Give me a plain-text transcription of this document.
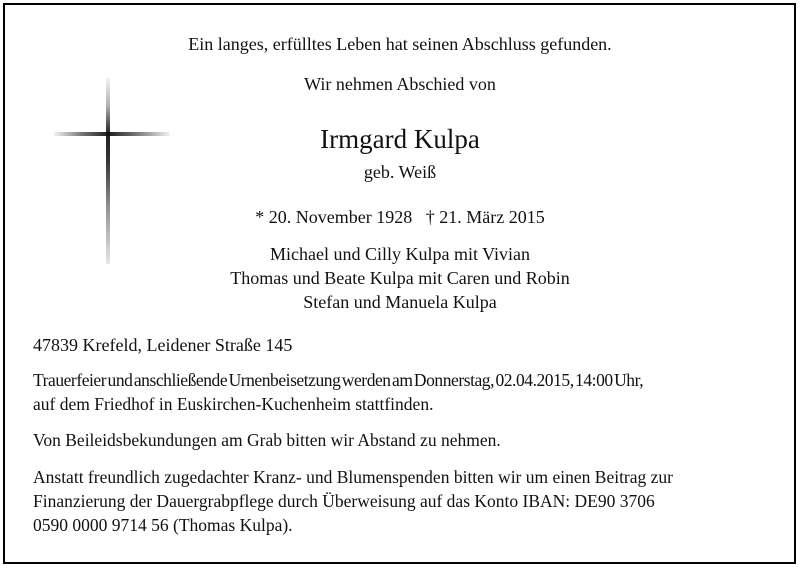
Ein langes, erfülltes Leben hat seinen Abschluss gefunden.
Wir nehmen Abschied von
Irmgard Kulpa
geb. Weiß
* 20. November 1928   † 21. März 2015
Michael und Cilly Kulpa mit Vivian
Thomas und Beate Kulpa mit Caren und Robin
Stefan und Manuela Kulpa
47839 Krefeld, Leidener Straße 145
Trauerfeier und anschließende Urnenbeisetzung werden am Donnerstag, 02.04.2015, 14:00 Uhr,
auf dem Friedhof in Euskirchen-Kuchenheim stattfinden.
Von Beileidsbekundungen am Grab bitten wir Abstand zu nehmen.
Anstatt freundlich zugedachter Kranz- und Blumenspenden bitten wir um einen Beitrag zur
Finanzierung der Dauergrabpflege durch Überweisung auf das Konto IBAN: DE90 3706
0590 0000 9714 56 (Thomas Kulpa).
